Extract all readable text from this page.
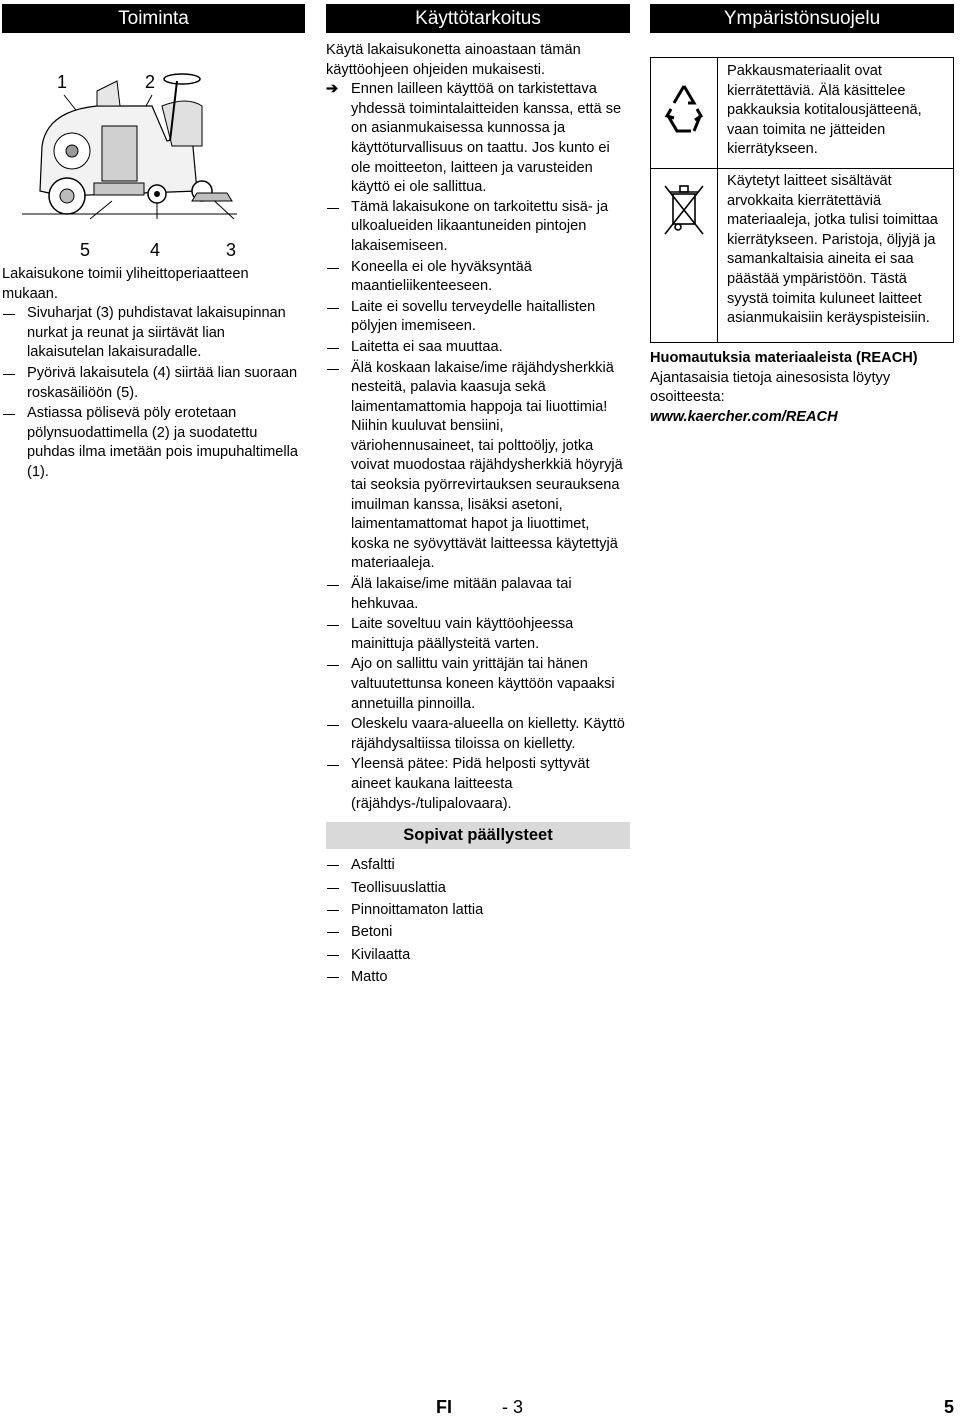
Toiminta
1	2
5	4	3

Lakaisukone toimii yliheittoperiaatteen mukaan.

Sivuharjat (3) puhdistavat lakaisupinnan nurkat ja reunat ja siirtävät lian lakaisutelan lakaisuradalle.
Pyörivä lakaisutela (4) siirtää lian suoraan roskasäiliöön (5).
Astiassa pölisevä pöly erotetaan pölynsuodattimella (2) ja suodatettu puhdas ilma imetään pois imupuhaltimella (1).
Käyttötarkoitus

Käytä lakaisukonetta ainoastaan tämän käyttöohjeen ohjeiden mukaisesti.

➔ Ennen lailleen käyttöä on tarkistettava yhdessä toimintalaitteiden kanssa, että se on asianmukaisessa kunnossa ja käyttöturvallisuus on taattu. Jos kunto ei ole moitteeton, laitteen ja varusteiden käyttö ei ole sallittua.
Tämä lakaisukone on tarkoitettu sisä- ja ulkoalueiden likaantuneiden pintojen lakaisemiseen.
Koneella ei ole hyväksyntää maantieliikenteeseen.
Laite ei sovellu terveydelle haitallisten pölyjen imemiseen.
Laitetta ei saa muuttaa.
Älä koskaan lakaise/ime räjähdysherkkiä nesteitä, palavia kaasuja sekä laimentamattomia happoja tai liuottimia! Niihin kuuluvat bensiini, väriohennusaineet, tai polttoöljy, jotka voivat muodostaa räjähdysherkkiä höyryjä tai seoksia pyörrevirtauksen seurauksena imuilman kanssa, lisäksi asetoni, laimentamattomat hapot ja liuottimet, koska ne syövyttävät laitteessa käytettyjä materiaaleja.
Älä lakaise/ime mitään palavaa tai hehkuvaa.
Laite soveltuu vain käyttöohjeessa mainittuja päällysteitä varten.
Ajo on sallittu vain yrittäjän tai hänen valtuutettunsa koneen käyttöön vapaaksi annetuilla pinnoilla.
Oleskelu vaara-alueella on kielletty. Käyttö räjähdysaltiissa tiloissa on kielletty.
Yleensä pätee: Pidä helposti syttyvät aineet kaukana laitteesta (räjähdys-/tulipalovaara).
Sopivat päällysteet
Asfaltti
Teollisuuslattia
Pinnoittamaton lattia
Betoni
Kivilaatta
Matto
Ympäristönsuojelu
Pakkausmateriaalit ovat kierrätettäviä. Älä käsittelee pakkauksia kotitalousjätteenä, vaan toimita ne jätteiden kierrätykseen.
Käytetyt laitteet sisältävät arvokkaita kierrätettäviä materiaaleja, jotka tulisi toimittaa kierrätykseen. Paristoja, öljyjä ja samankaltaisia aineita ei saa päästää ympäristöön. Tästä syystä toimita kuluneet laitteet asianmukaisiin keräyspisteisiin.

Huomautuksia materiaaleista (REACH)

Ajantasaisia tietoja ainesosista löytyy osoitteesta:

www.kaercher.com/REACH

FI	- 3	5
